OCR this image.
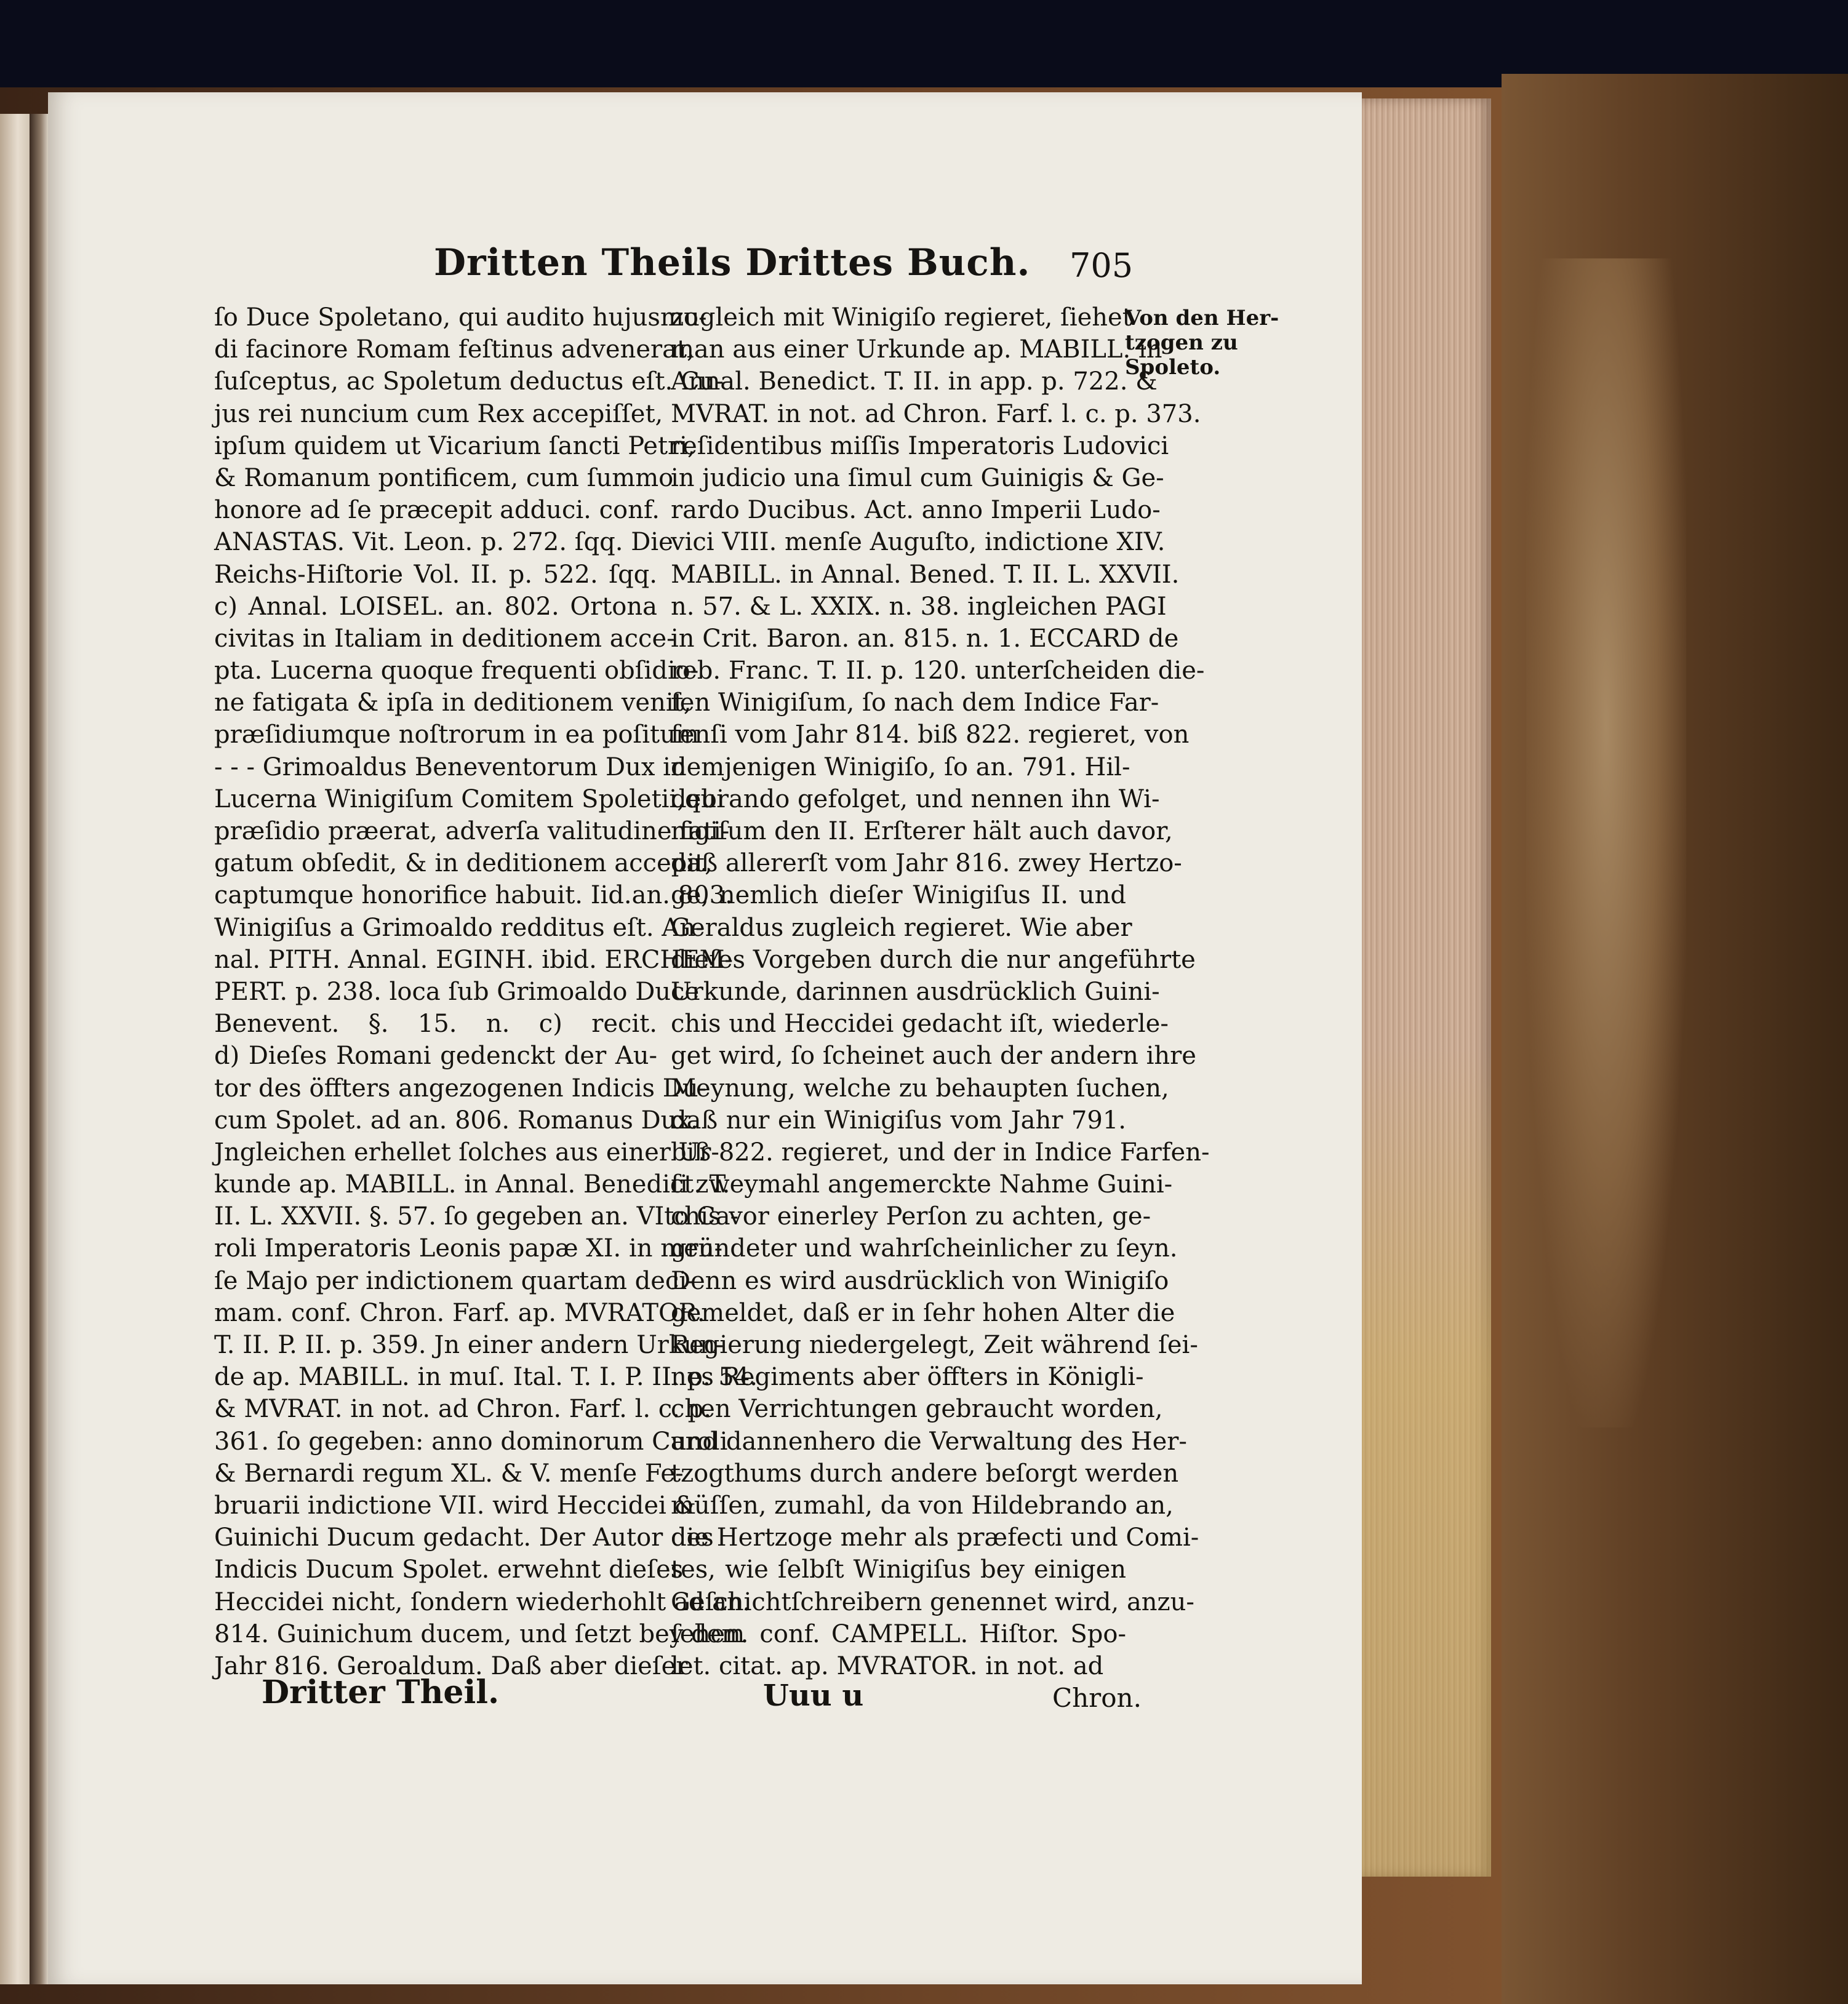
Dritten Theils Drittes Buch.	705
ſo Duce Spoletano, qui audito hujusmo-
di facinore Romam feſtinus advenerat,
ſuſceptus, ac Spoletum deductus eſt. Cu-
jus rei nuncium cum Rex accepiſſet,
ipſum quidem ut Vicarium ſancti Petri,
& Romanum pontificem, cum ſummo
honore ad ſe præcepit adduci. conf.
ANASTAS. Vit. Leon. p. 272. ſqq. Die
Reichs-Hiſtorie Vol. II. p. 522. ſqq.
c) Annal. LOISEL. an. 802. Ortona
civitas in Italiam in deditionem acce-
pta. Lucerna quoque frequenti obſidio-
ne fatigata & ipſa in deditionem venit,
præſidiumque noſtrorum in ea poſitum
- - - Grimoaldus Beneventorum Dux in
Lucerna Winigiſum Comitem Spoletii,qui
præſidio præerat, adverſa valitudine fati-
gatum obſedit, & in deditionem accepit,
captumque honorifice habuit. Iid.an. 803.
Winigiſus a Grimoaldo redditus eſt. An-
nal. PITH. Annal. EGINH. ibid. ERCHEM-
PERT. p. 238. loca ſub Grimoaldo Duce
Benevent. §. 15. n. c) recit.
d) Dieſes Romani gedenckt der Au-
tor des öffters angezogenen Indicis Du-
cum Spolet. ad an. 806. Romanus Dux.
Jngleichen erhellet ſolches aus einer Ur-
kunde ap. MABILL. in Annal. Benedict. T.
II. L. XXVII. §. 57. ſo gegeben an. VIto Ca-
roli Imperatoris Leonis papæ XI. in men-
ſe Majo per indictionem quartam deci-
mam. conf. Chron. Farf. ap. MVRATOR.
T. II. P. II. p. 359. Jn einer andern Urkun-
de ap. MABILL. in muſ. Ital. T. I. P. II. p. 54.
& MVRAT. in not. ad Chron. Farf. l. c. p.
361. ſo gegeben: anno dominorum Caroli
& Bernardi regum XL. & V. menſe Fe-
bruarii indictione VII. wird Heccidei &
Guinichi Ducum gedacht. Der Autor des
Indicis Ducum Spolet. erwehnt dieſes
Heccidei nicht, ſondern wiederhohlt ad an.
814. Guinichum ducem, und ſetzt bey dem
Jahr 816. Geroaldum. Daß aber dieſer
zugleich mit Winigiſo regieret, ſiehet
man aus einer Urkunde ap. MABILL. in
Annal. Benedict. T. II. in app. p. 722. &
MVRAT. in not. ad Chron. Farf. l. c. p. 373.
reſidentibus miſſis Imperatoris Ludovici
in judicio una ſimul cum Guinigis & Ge-
rardo Ducibus. Act. anno Imperii Ludo-
vici VIII. menſe Auguſto, indictione XIV.
MABILL. in Annal. Bened. T. II. L. XXVII.
n. 57. & L. XXIX. n. 38. ingleichen PAGI
in Crit. Baron. an. 815. n. 1. ECCARD de
reb. Franc. T. II. p. 120. unterſcheiden die-
ſen Winigiſum, ſo nach dem Indice Far-
fenſi vom Jahr 814. biß 822. regieret, von
demjenigen Winigiſo, ſo an. 791. Hil-
debrando gefolget, und nennen ihn Wi-
nigiſum den II. Erſterer hält auch davor,
daß allererſt vom Jahr 816. zwey Hertzo-
ge, nemlich dieſer Winigiſus II. und
Geraldus zugleich regieret. Wie aber
dieſes Vorgeben durch die nur angeführte
Urkunde, darinnen ausdrücklich Guini-
chis und Heccidei gedacht iſt, wiederle-
get wird, ſo ſcheinet auch der andern ihre
Meynung, welche zu behaupten ſuchen,
daß nur ein Winigiſus vom Jahr 791.
biß 822. regieret, und der in Indice Farfen-
ſi zweymahl angemerckte Nahme Guini-
chis vor einerley Perſon zu achten, ge-
gründeter und wahrſcheinlicher zu ſeyn.
Denn es wird ausdrücklich von Winigiſo
gemeldet, daß er in ſehr hohen Alter die
Regierung niedergelegt, Zeit während ſei-
nes Regiments aber öffters in Königli-
chen Verrichtungen gebraucht worden,
und dannenhero die Verwaltung des Her-
tzogthums durch andere beſorgt werden
müſſen, zumahl, da von Hildebrando an,
die Hertzoge mehr als præfecti und Comi-
tes, wie ſelbſt Winigiſus bey einigen
Geſchichtſchreibern genennet wird, anzu-
ſehen. conf. CAMPELL. Hiſtor. Spo-
let. citat. ap. MVRATOR. in not. ad
Von den Her-
tzogen zu
Spoleto.
Dritter Theil.	Uuu u	Chron.
